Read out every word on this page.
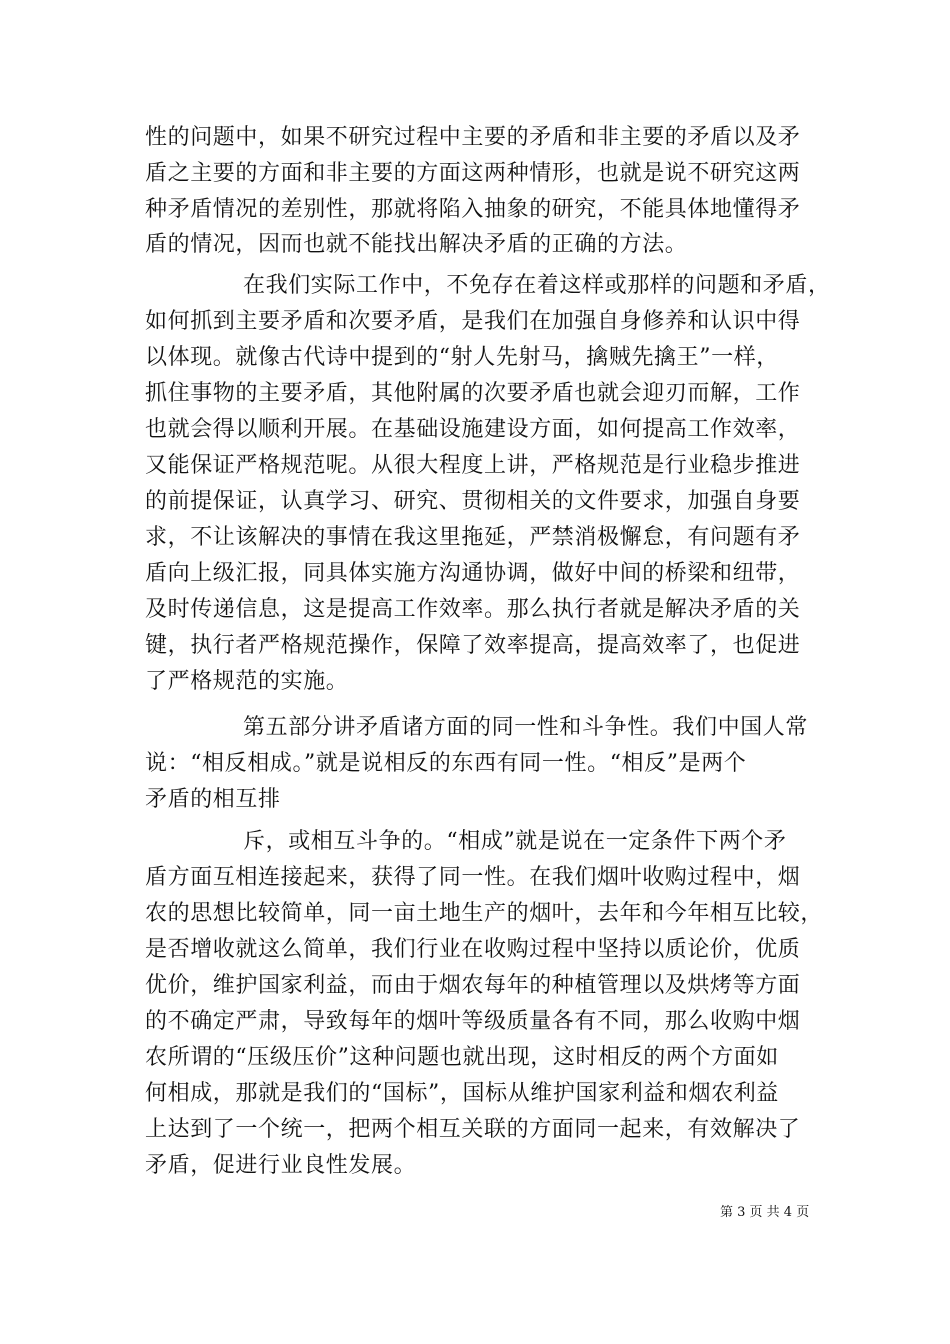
性的问题中，如果不研究过程中主要的矛盾和非主要的矛盾以及矛
盾之主要的方面和非主要的方面这两种情形，也就是说不研究这两
种矛盾情况的差别性，那就将陷入抽象的研究，不能具体地懂得矛
盾的情况，因而也就不能找出解决矛盾的正确的方法。
在我们实际工作中，不免存在着这样或那样的问题和矛盾，
如何抓到主要矛盾和次要矛盾，是我们在加强自身修养和认识中得
以体现。就像古代诗中提到的“射人先射马，擒贼先擒王”一样，
抓住事物的主要矛盾，其他附属的次要矛盾也就会迎刃而解，工作
也就会得以顺利开展。在基础设施建设方面，如何提高工作效率，
又能保证严格规范呢。从很大程度上讲，严格规范是行业稳步推进
的前提保证，认真学习、研究、贯彻相关的文件要求，加强自身要
求，不让该解决的事情在我这里拖延，严禁消极懈怠，有问题有矛
盾向上级汇报，同具体实施方沟通协调，做好中间的桥梁和纽带，
及时传递信息，这是提高工作效率。那么执行者就是解决矛盾的关
键，执行者严格规范操作，保障了效率提高，提高效率了，也促进
了严格规范的实施。
第五部分讲矛盾诸方面的同一性和斗争性。我们中国人常
说：“相反相成。”就是说相反的东西有同一性。“相反”是两个
矛盾的相互排
斥，或相互斗争的。“相成”就是说在一定条件下两个矛
盾方面互相连接起来，获得了同一性。在我们烟叶收购过程中，烟
农的思想比较简单，同一亩土地生产的烟叶，去年和今年相互比较，
是否增收就这么简单，我们行业在收购过程中坚持以质论价，优质
优价，维护国家利益，而由于烟农每年的种植管理以及烘烤等方面
的不确定严肃，导致每年的烟叶等级质量各有不同，那么收购中烟
农所谓的“压级压价”这种问题也就出现，这时相反的两个方面如
何相成，那就是我们的“国标”，国标从维护国家利益和烟农利益
上达到了一个统一，把两个相互关联的方面同一起来，有效解决了
矛盾，促进行业良性发展。
第 3 页 共 4 页
